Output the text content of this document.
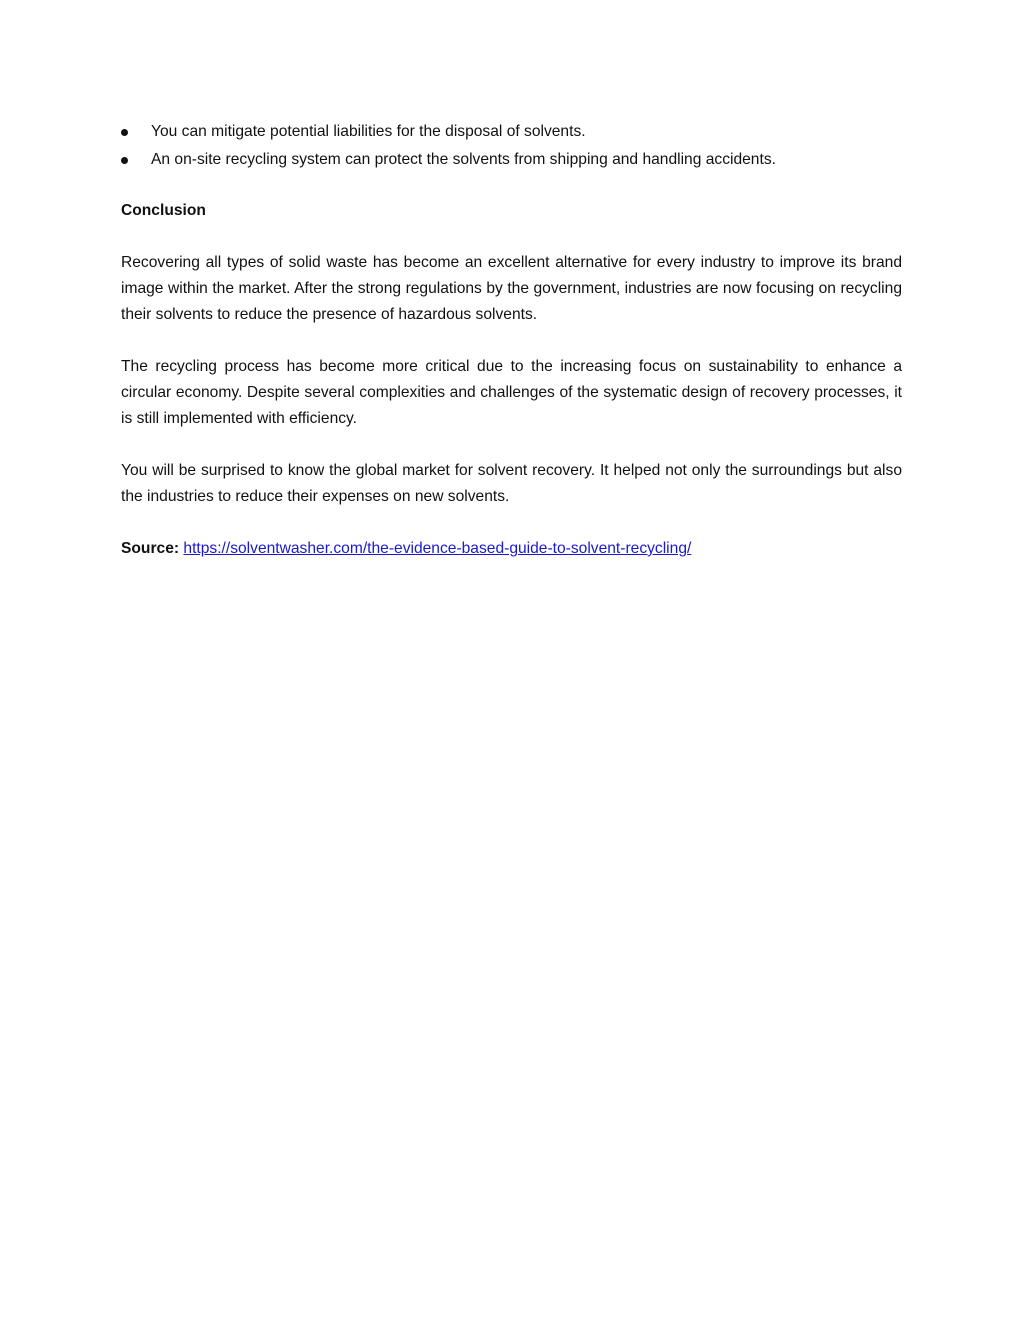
You can mitigate potential liabilities for the disposal of solvents.
An on-site recycling system can protect the solvents from shipping and handling accidents.
Conclusion

Recovering all types of solid waste has become an excellent alternative for every industry to improve its brand image within the market. After the strong regulations by the government, industries are now focusing on recycling their solvents to reduce the presence of hazardous solvents.

The recycling process has become more critical due to the increasing focus on sustainability to enhance a circular economy. Despite several complexities and challenges of the systematic design of recovery processes, it is still implemented with efficiency.

You will be surprised to know the global market for solvent recovery. It helped not only the surroundings but also the industries to reduce their expenses on new solvents.

Source: https://solventwasher.com/the-evidence-based-guide-to-solvent-recycling/
